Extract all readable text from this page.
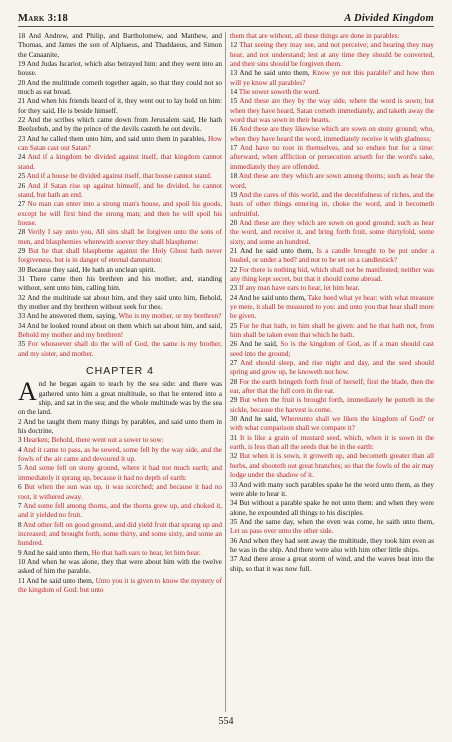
Mark 3:18	A Divided Kingdom

18 And Andrew, and Philip, and Bartholomew, and Matthew, and Thomas, and James the son of Alphaeus, and Thaddaeus, and Simon the Canaanite,

19 And Judas Iscariot, which also betrayed him: and they went into an house.

20 And the multitude cometh together again, so that they could not so much as eat bread.

21 And when his friends heard of it, they went out to lay hold on him: for they said, He is beside himself.

22 And the scribes which came down from Jerusalem said, He hath Beelzebub, and by the prince of the devils casteth he out devils.

23 And he called them unto him, and said unto them in parables, How can Satan cast out Satan?

24 And if a kingdom be divided against itself, that kingdom cannot stand.

25 And if a house be divided against itself, that house cannot stand.

26 And if Satan rise up against himself, and be divided, he cannot stand, but hath an end.

27 No man can enter into a strong man's house, and spoil his goods, except he will first bind the strong man; and then he will spoil his house.

28 Verily I say unto you, All sins shall be forgiven unto the sons of men, and blasphemies wherewith soever they shall blaspheme:

29 But he that shall blaspheme against the Holy Ghost hath never forgiveness, but is in danger of eternal damnation:

30 Because they said, He hath an unclean spirit.

31 There came then his brethren and his mother, and, standing without, sent unto him, calling him.

32 And the multitude sat about him, and they said unto him, Behold, thy mother and thy brethren without seek for thee.

33 And he answered them, saying, Who is my mother, or my brethren?

34 And he looked round about on them which sat about him, and said, Behold my mother and my brethren!

35 For whosoever shall do the will of God, the same is my brother, and my sister, and mother.

CHAPTER 4

And he began again to teach by the sea side: and there was gathered unto him a great multitude, so that he entered into a ship, and sat in the sea; and the whole multitude was by the sea on the land.

2 And he taught them many things by parables, and said unto them in his doctrine,

3 Hearken; Behold, there went out a sower to sow:

4 And it came to pass, as he sowed, some fell by the way side, and the fowls of the air came and devoured it up.

5 And some fell on stony ground, where it had not much earth; and immediately it sprang up, because it had no depth of earth:

6 But when the sun was up, it was scorched; and because it had no root, it withered away.

7 And some fell among thorns, and the thorns grew up, and choked it, and it yielded no fruit.

8 And other fell on good ground, and did yield fruit that sprang up and increased; and brought forth, some thirty, and some sixty, and some an hundred.

9 And he said unto them, He that hath ears to hear, let him hear.

10 And when he was alone, they that were about him with the twelve asked of him the parable.

11 And he said unto them, Unto you it is given to know the mystery of the kingdom of God: but unto

them that are without, all these things are done in parables:

12 That seeing they may see, and not perceive; and hearing they may hear, and not understand; lest at any time they should be converted, and their sins should be forgiven them.

13 And he said unto them, Know ye not this parable? and how then will ye know all parables?

14 The sower soweth the word.

15 And these are they by the way side, where the word is sown; but when they have heard, Satan cometh immediately, and taketh away the word that was sown in their hearts.

16 And these are they likewise which are sown on stony ground; who, when they have heard the word, immediately receive it with gladness;

17 And have no root in themselves, and so endure but for a time: afterward, when affliction or persecution ariseth for the word's sake, immediately they are offended.

18 And these are they which are sown among thorns; such as hear the word,

19 And the cares of this world, and the deceitfulness of riches, and the lusts of other things entering in, choke the word, and it becometh unfruitful.

20 And these are they which are sown on good ground; such as hear the word, and receive it, and bring forth fruit, some thirtyfold, some sixty, and some an hundred.

21 And he said unto them, Is a candle brought to be put under a bushel, or under a bed? and not to be set on a candlestick?

22 For there is nothing hid, which shall not be manifested; neither was any thing kept secret, but that it should come abroad.

23 If any man have ears to hear, let him hear.

24 And he said unto them, Take heed what ye hear: with what measure ye mete, it shall be measured to you: and unto you that hear shall more be given.

25 For he that hath, to him shall be given: and he that hath not, from him shall be taken even that which he hath.

26 And he said, So is the kingdom of God, as if a man should cast seed into the ground;

27 And should sleep, and rise night and day, and the seed should spring and grow up, he knoweth not how.

28 For the earth bringeth forth fruit of herself; first the blade, then the ear, after that the full corn in the ear.

29 But when the fruit is brought forth, immediately he putteth in the sickle, because the harvest is come.

30 And he said, Whereunto shall we liken the kingdom of God? or with what comparison shall we compare it?

31 It is like a grain of mustard seed, which, when it is sown in the earth, is less than all the seeds that be in the earth:

32 But when it is sown, it groweth up, and becometh greater than all herbs, and shooteth out great branches; so that the fowls of the air may lodge under the shadow of it.

33 And with many such parables spake he the word unto them, as they were able to hear it.

34 But without a parable spake he not unto them: and when they were alone, he expounded all things to his disciples.

35 And the same day, when the even was come, he saith unto them, Let us pass over unto the other side.

36 And when they had sent away the multitude, they took him even as he was in the ship. And there were also with him other little ships.

37 And there arose a great storm of wind, and the waves beat into the ship, so that it was now full.

554
